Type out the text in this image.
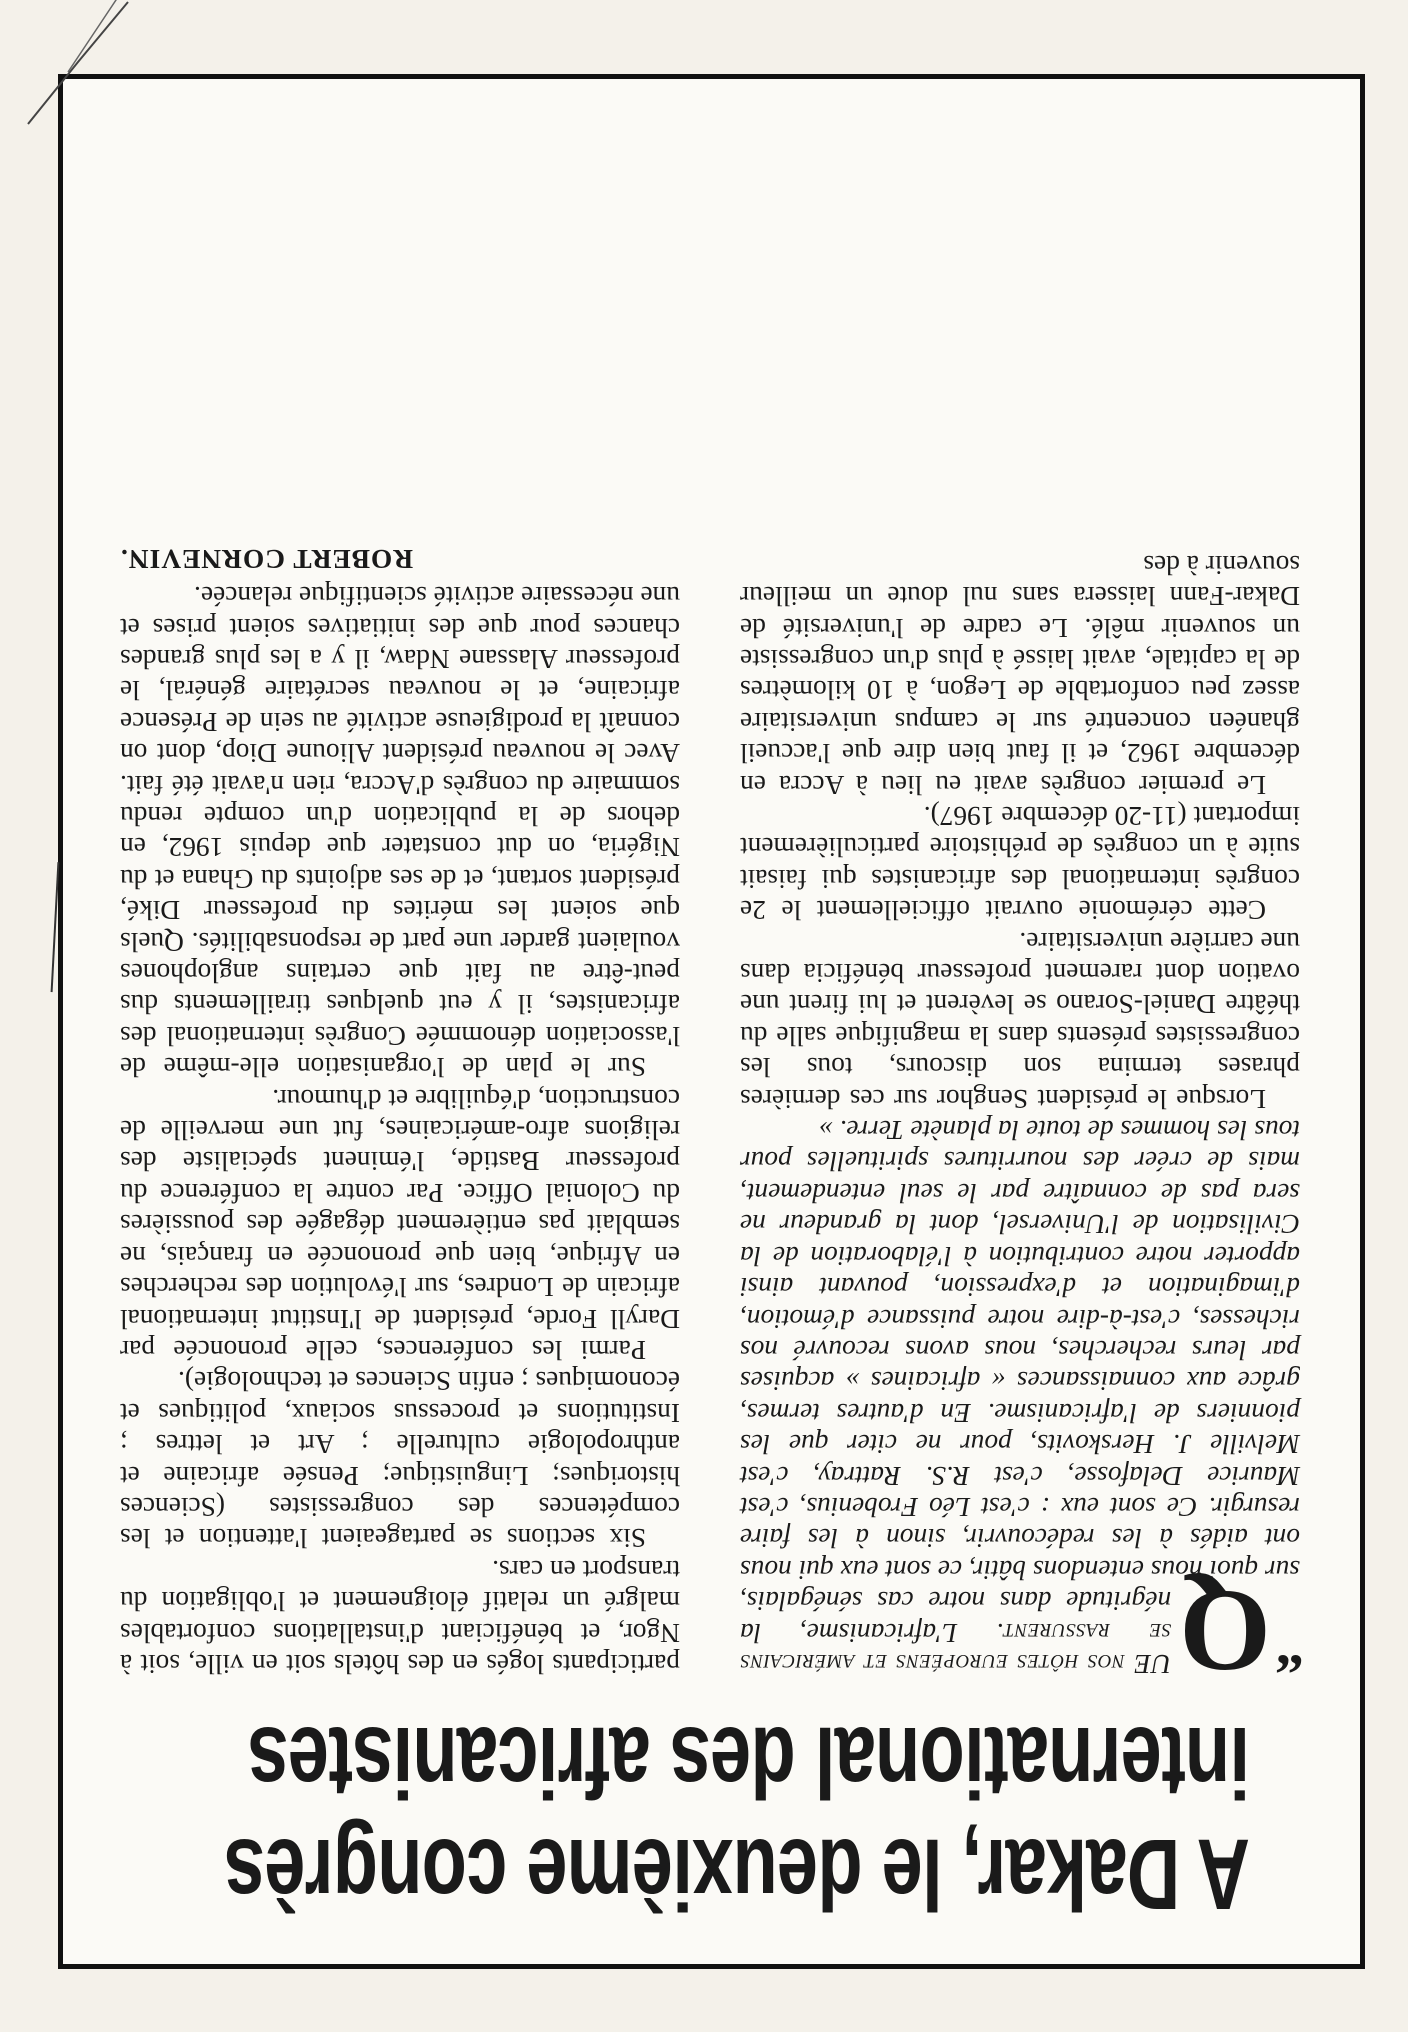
A Dakar, le deuxième congrès
international des africanistes

“
Q
UE nos hôtes européens et américains se rassurent. L'africanisme, la négritude dans notre cas sénégalais, sur quoi nous entendons bâtir, ce sont eux qui nous ont aidés à les redécouvrir, sinon à les faire resurgir. Ce sont eux : c'est Léo Frobenius, c'est Maurice Delafosse, c'est R.S. Rattray, c'est Melville J. Herskovits, pour ne citer que les pionniers de l'africanisme. En d'autres termes, grâce aux connaissances « africaines » acquises par leurs recherches, nous avons recouvré nos richesses, c'est-à-dire notre puissance d'émotion, d'imagination et d'expression, pouvant ainsi apporter notre contribution à l'élaboration de la Civilisation de l'Universel, dont la grandeur ne sera pas de connaître par le seul entendement, mais de créer des nourritures spirituelles pour tous les hommes de toute la planète Terre. »

Lorsque le président Senghor sur ces dernières phrases termina son discours, tous les congressistes présents dans la magnifique salle du théâtre Daniel-Sorano se levèrent et lui firent une ovation dont rarement professeur bénéficia dans une carrière universitaire.

Cette cérémonie ouvrait officiellement le 2e congrès international des africanistes qui faisait suite à un congrès de préhistoire particulièrement important (11-20 décembre 1967).

Le premier congrès avait eu lieu à Accra en décembre 1962, et il faut bien dire que l'accueil ghanéen concentré sur le campus universitaire assez peu confortable de Legon, à 10 kilomètres de la capitale, avait laissé à plus d'un congressiste un souvenir mêlé. Le cadre de l'université de Dakar-Fann laissera sans nul doute un meilleur souvenir à des

participants logés en des hôtels soit en ville, soit à Ngor, et bénéficiant d'installations confortables malgré un relatif éloignement et l'obligation du transport en cars.

Six sections se partageaient l'attention et les compétences des congressistes (Sciences historiques; Linguistique; Pensée africaine et anthropologie culturelle ; Art et lettres ; Institutions et processus sociaux, politiques et économiques ; enfin Sciences et technologie).

Parmi les conférences, celle prononcée par Daryll Forde, président de l'Institut international africain de Londres, sur l'évolution des recherches en Afrique, bien que prononcée en français, ne semblait pas entièrement dégagée des poussières du Colonial Office. Par contre la conférence du professeur Bastide, l'éminent spécialiste des religions afro-américaines, fut une merveille de construction, d'équilibre et d'humour.

Sur le plan de l'organisation elle-même de l'association dénommée Congrès international des africanistes, il y eut quelques tiraillements dus peut-être au fait que certains anglophones voulaient garder une part de responsabilités. Quels que soient les mérites du professeur Diké, président sortant, et de ses adjoints du Ghana et du Nigéria, on dut constater que depuis 1962, en dehors de la publication d'un compte rendu sommaire du congrès d'Accra, rien n'avait été fait. Avec le nouveau président Alioune Diop, dont on connaît la prodigieuse activité au sein de Présence africaine, et le nouveau secrétaire général, le professeur Alassane Ndaw, il y a les plus grandes chances pour que des initiatives soient prises et une nécessaire activité scientifique relancée.

ROBERT CORNEVIN.
